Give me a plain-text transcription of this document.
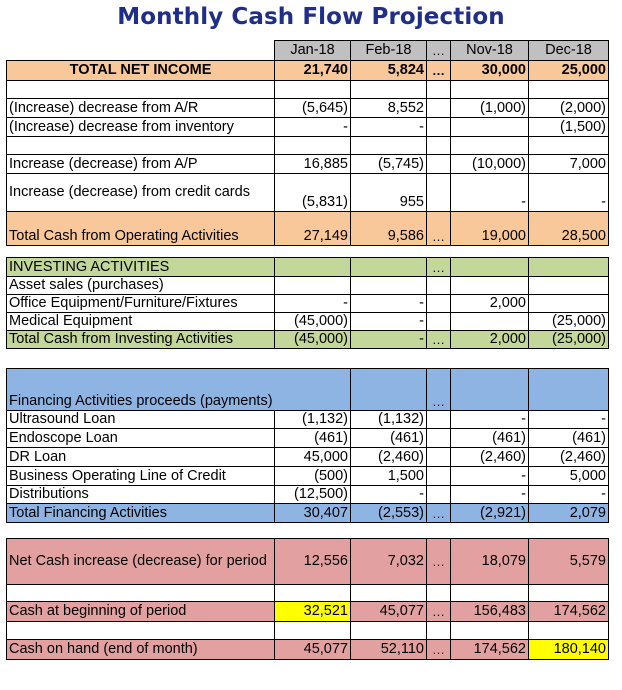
Monthly Cash Flow Projection
	Jan-18	Feb-18	…	Nov-18	Dec-18
TOTAL NET INCOME	21,740	5,824	…	30,000	25,000

(Increase) decrease from A/R	(5,645)	8,552		(1,000)	(2,000)
(Increase) decrease from inventory	-	-			(1,500)

Increase (decrease) from A/P	16,885	(5,745)		(10,000)	7,000
Increase (decrease) from credit cards	(5,831)	955		-	-
Total Cash from Operating Activities	27,149	9,586	…	19,000	28,500

INVESTING ACTIVITIES			…		
Asset sales (purchases)					
Office Equipment/Furniture/Fixtures	-	-		2,000	
Medical Equipment	(45,000)	-			(25,000)
Total Cash from Investing Activities	(45,000)	-	…	2,000	(25,000)

Financing Activities proceeds (payments)			…		
Ultrasound Loan	(1,132)	(1,132)		-	-
Endoscope Loan	(461)	(461)		(461)	(461)
DR Loan	45,000	(2,460)		(2,460)	(2,460)
Business Operating Line of Credit	(500)	1,500		-	5,000
Distributions	(12,500)	-		-	-
Total Financing Activities	30,407	(2,553)	…	(2,921)	2,079

Net Cash increase (decrease) for period	12,556	7,032	…	18,079	5,579

Cash at beginning of period	32,521	45,077	…	156,483	174,562

Cash on hand (end of month)	45,077	52,110	…	174,562	180,140
